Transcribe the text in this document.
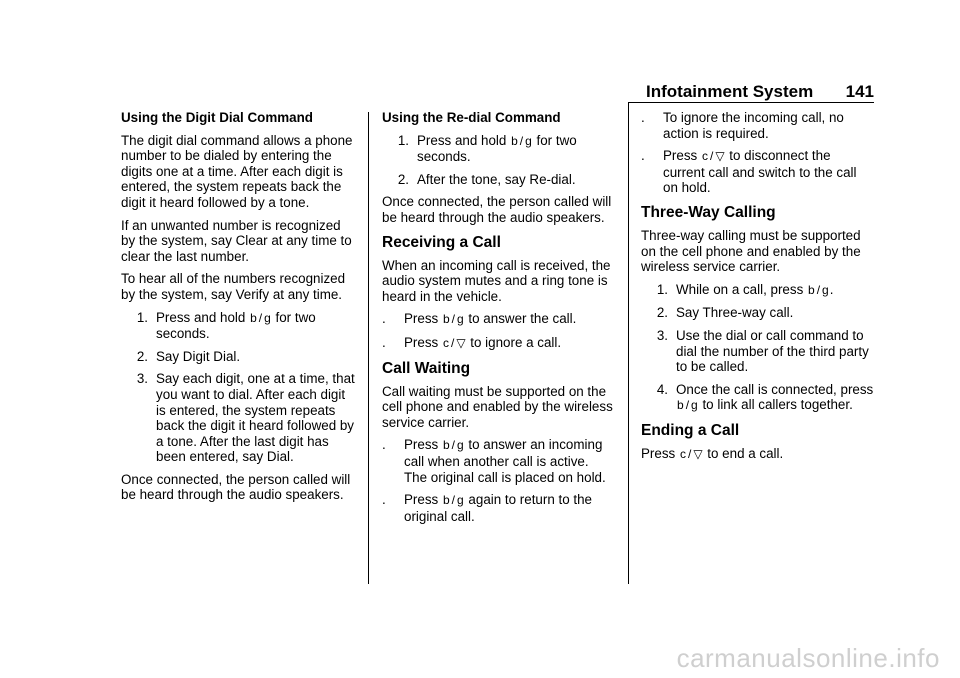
Infotainment System 141
Using the Digit Dial Command

The digit dial command allows a phone number to be dialed by entering the digits one at a time. After each digit is entered, the system repeats back the digit it heard followed by a tone.

If an unwanted number is recognized by the system, say Clear at any time to clear the last number.

To hear all of the numbers recognized by the system, say Verify at any time.

1. Press and hold b / g for two seconds.
2. Say Digit Dial.
3. Say each digit, one at a time, that you want to dial. After each digit is entered, the system repeats back the digit it heard followed by a tone. After the last digit has been entered, say Dial.

Once connected, the person called will be heard through the audio speakers.

Using the Re-dial Command
1. Press and hold b / g for two seconds.
2. After the tone, say Re-dial.

Once connected, the person called will be heard through the audio speakers.

Receiving a Call

When an incoming call is received, the audio system mutes and a ring tone is heard in the vehicle.

.	Press b / g to answer the call.
.	Press c / ▽ to ignore a call.
Call Waiting

Call waiting must be supported on the cell phone and enabled by the wireless service carrier.

.	Press b / g to answer an incoming call when another call is active. The original call is placed on hold.
.	Press b / g again to return to the original call.
.	To ignore the incoming call, no action is required.
.	Press c / ▽ to disconnect the current call and switch to the call on hold.
Three-Way Calling

Three-way calling must be supported on the cell phone and enabled by the wireless service carrier.

1. While on a call, press b / g.
2. Say Three-way call.
3. Use the dial or call command to dial the number of the third party to be called.
4. Once the call is connected, press b / g to link all callers together.
Ending a Call

Press c / ▽ to end a call.

carmanualsonline.info
